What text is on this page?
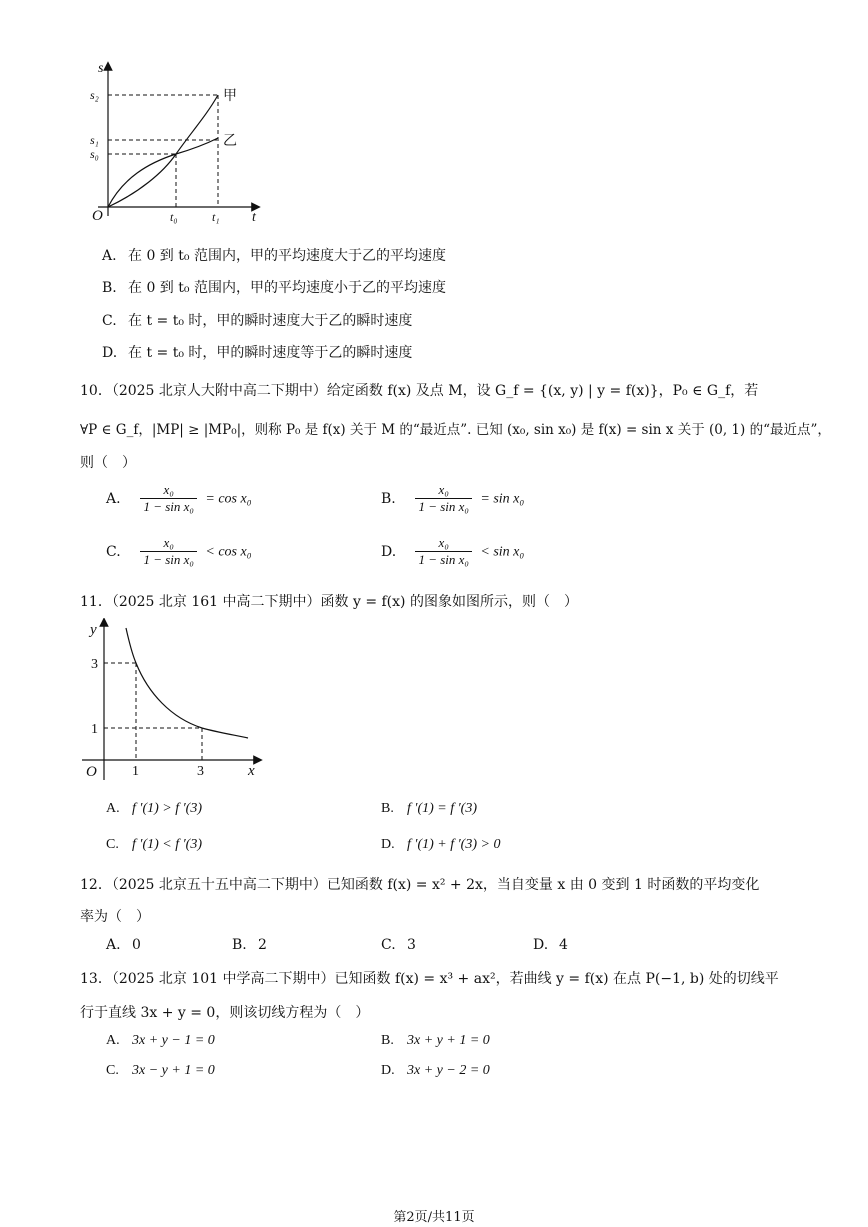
s
t
O
s₂
s₁
s₀
t₀	t₁
甲
乙
A. 在 0 到 t₀ 范围内，甲的平均速度大于乙的平均速度
B. 在 0 到 t₀ 范围内，甲的平均速度小于乙的平均速度
C. 在 t = t₀ 时，甲的瞬时速度大于乙的瞬时速度
D. 在 t = t₀ 时，甲的瞬时速度等于乙的瞬时速度
10．（2025 北京人大附中高二下期中）给定函数 f(x) 及点 M，设 G_f = {(x, y) | y = f(x)}，P₀ ∈ G_f，若
∀P ∈ G_f，|MP| ≥ |MP₀|，则称 P₀ 是 f(x) 关于 M 的“最近点”. 已知 (x₀, sin x₀) 是 f(x) = sin x 关于 (0, 1) 的“最近点”，
则（　）
A. $\frac{\text{x₀}}{\text{1 − sin x₀}} = \cos x_0$	B. $\frac{\text{x₀}}{\text{1 − sin x₀}} = \sin x_0$
C. $\frac{\text{x₀}}{\text{1 − sin x₀}} < \cos x_0$	D. $\frac{\text{x₀}}{\text{1 − sin x₀}} < \sin x_0$
11．（2025 北京 161 中高二下期中）函数 y = f(x) 的图象如图所示，则（　）
y
x
O
3
1
1	3
A. f ′(1) > f ′(3)	B. f ′(1) = f ′(3)
C. f ′(1) < f ′(3)	D. f ′(1) + f ′(3) > 0
12．（2025 北京五十五中高二下期中）已知函数 f(x) = x² + 2x，当自变量 x 由 0 变到 1 时函数的平均变化
率为（　）
A. 0	B. 2	C. 3	D. 4
13．（2025 北京 101 中学高二下期中）已知函数 f(x) = x³ + ax²，若曲线 y = f(x) 在点 P(−1, b) 处的切线平
行于直线 3x + y = 0，则该切线方程为（　）
A. 3x + y − 1 = 0	B. 3x + y + 1 = 0
C. 3x − y + 1 = 0	D. 3x + y − 2 = 0
第2页/共11页
